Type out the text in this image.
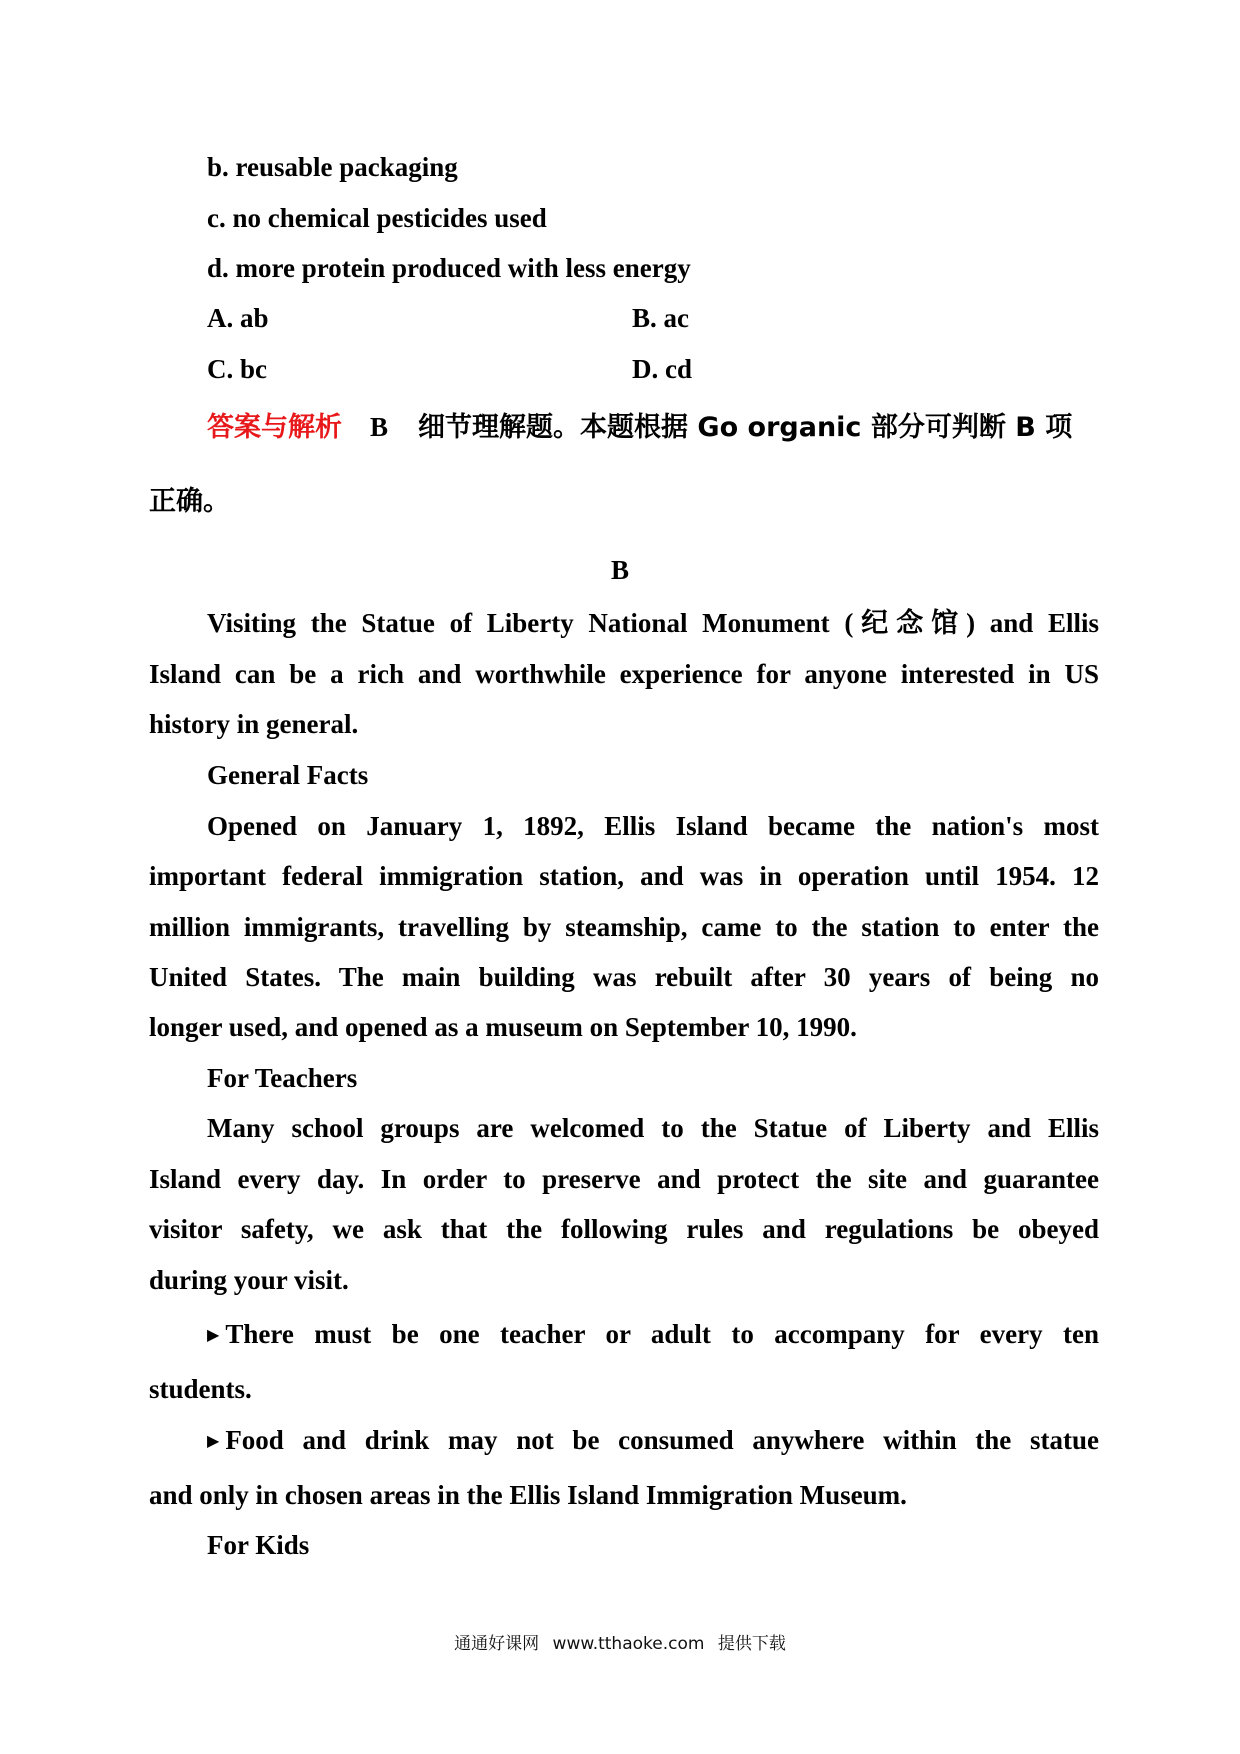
b. reusable packaging

c. no chemical pesticides used

d. more protein produced with less energy

A. ab	B. ac

C. bc	D. cd

答案与解析 B 细节理解题。本题根据 Go organic 部分可判断 B 项

正确。

B

Visiting the Statue of Liberty National Monument (纪念馆) and Ellis

Island can be a rich and worthwhile experience for anyone interested in US

history in general.

General Facts

Opened on January 1, 1892, Ellis Island became the nation's most

important federal immigration station, and was in operation until 1954. 12

million immigrants, travelling by steamship, came to the station to enter the

United States. The main building was rebuilt after 30 years of being no

longer used, and opened as a museum on September 10, 1990.

For Teachers

Many school groups are welcomed to the Statue of Liberty and Ellis

Island every day. In order to preserve and protect the site and guarantee

visitor safety, we ask that the following rules and regulations be obeyed

during your visit.

▶ There must be one teacher or adult to accompany for every ten

students.

▶ Food and drink may not be consumed anywhere within the statue

and only in chosen areas in the Ellis Island Immigration Museum.

For Kids

通通好课网 www.tthaoke.com 提供下载
